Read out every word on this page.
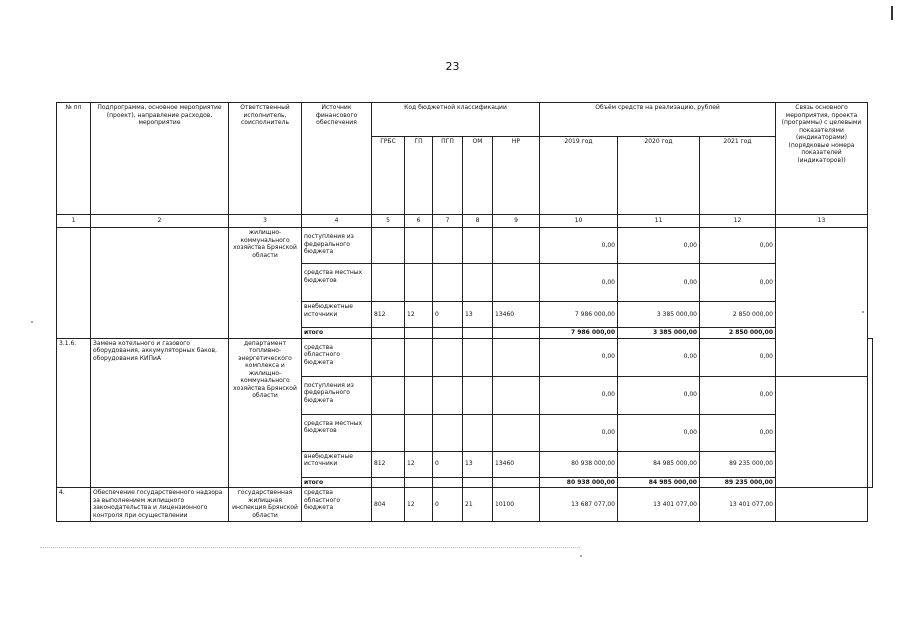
23
№ пп	Подпрограмма, основное мероприятие (проект), направление расходов, мероприятие	Ответственный исполнитель, соисполнитель	Источник финансового обеспечения	Код бюджетной классификации					Объём средств на реализацию, рублей			Связь основного мероприятия, проекта (программы) с целевыми показателями (индикаторами) (порядковые номера показателей (индикаторов))	
				ГРБС	ГП	ПГП	ОМ	НР	2019 год	2020 год	2021 год		
1	2	3	4	5	6	7	8	9	10	11	12	13	
		жилищно-коммунального хозяйства Брянской области	поступления из федерального бюджета						0,00	0,00	0,00		
			средства местных бюджетов						0,00	0,00	0,00		
			внебюджетные источники	812	12	0	13	13460	7 986 000,00	3 385 000,00	2 850 000,00		
			итого						7 986 000,00	3 385 000,00	2 850 000,00		
3.1.6.	Замена котельного и газового оборудования, аккумуляторных баков, оборудования КИПиА	департамент топливно-энергетического комплекса и жилищно-коммунального хозяйства Брянской области	средства областного бюджета						0,00	0,00	0,00		
			поступления из федерального бюджета						0,00	0,00	0,00		
			средства местных бюджетов						0,00	0,00	0,00		
			внебюджетные источники	812	12	0	13	13460	80 938 000,00	84 985 000,00	89 235 000,00		
			итого						80 938 000,00	84 985 000,00	89 235 000,00		
4.	Обеспечение государственного надзора за выполнением жилищного законодательства и лицензионного контроля при осуществлении	государственная жилищная инспекция Брянской области	средства областного бюджета	804	12	0	21	10100	13 687 077,00	13 401 077,00	13 401 077,00		
